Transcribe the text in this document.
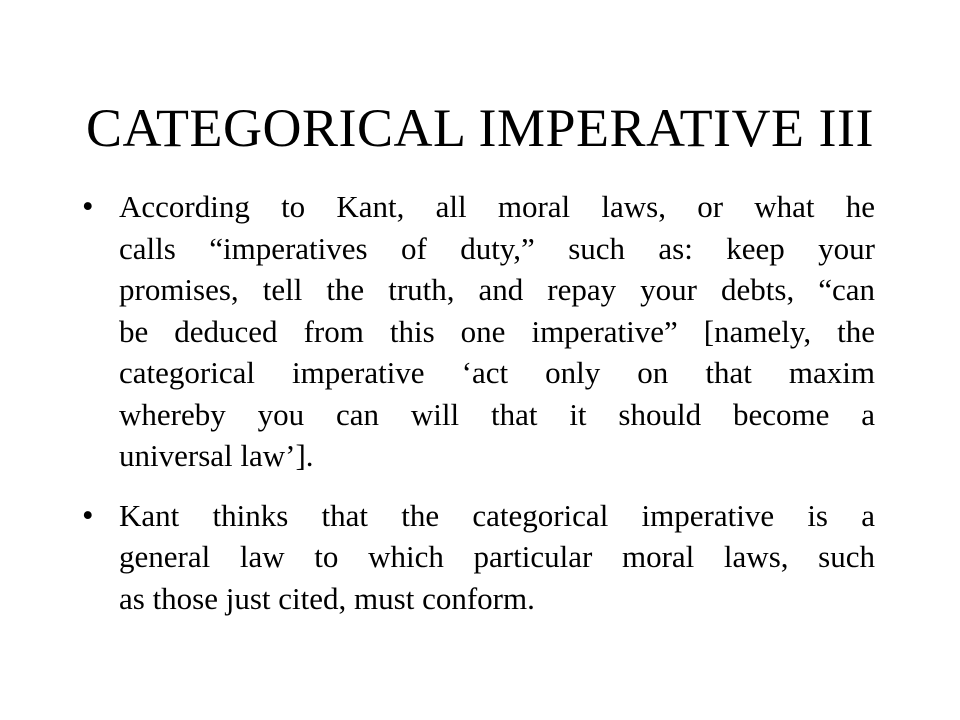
CATEGORICAL IMPERATIVE III
• According to Kant, all moral laws, or what he
calls “imperatives of duty,” such as: keep your
promises, tell the truth, and repay your debts, “can
be deduced from this one imperative” [namely, the
categorical imperative ‘act only on that maxim
whereby you can will that it should become a
universal law’].
• Kant thinks that the categorical imperative is a
general law to which particular moral laws, such
as those just cited, must conform.
